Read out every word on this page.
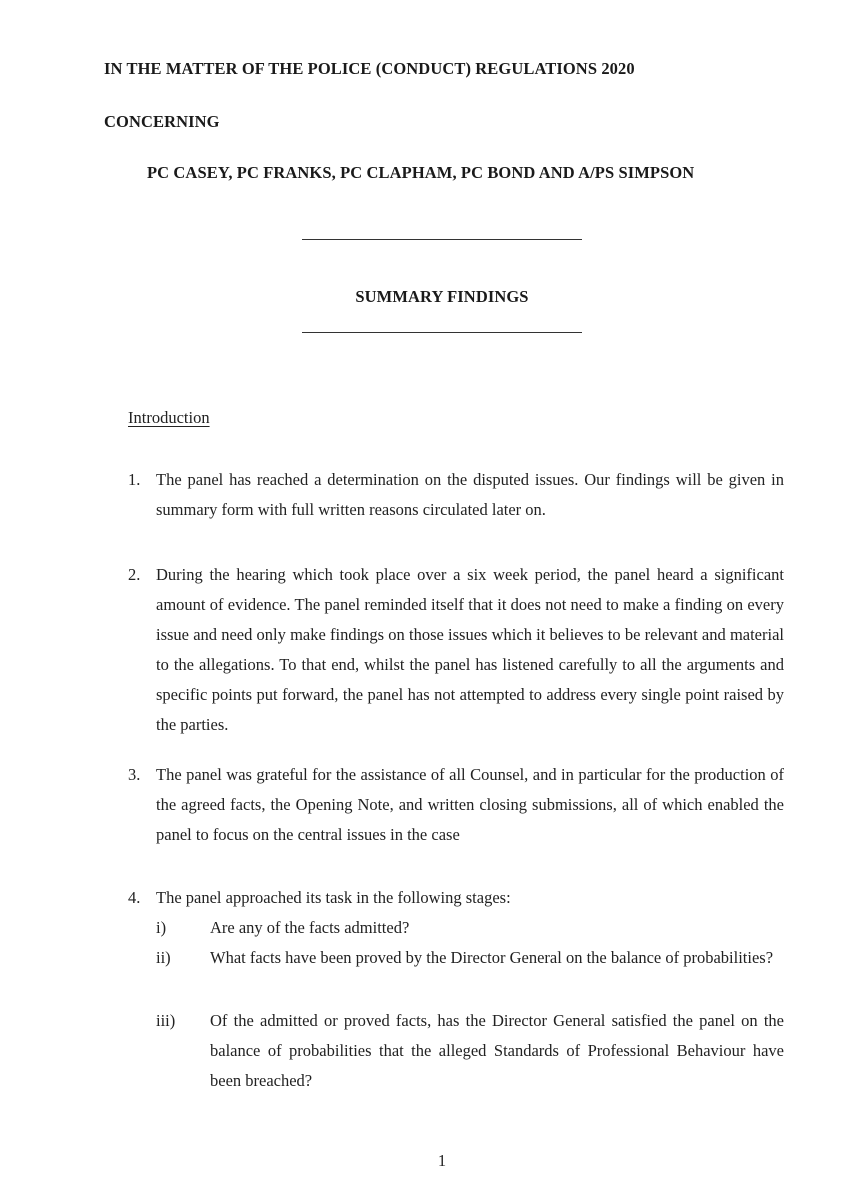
IN THE MATTER OF THE POLICE (CONDUCT) REGULATIONS 2020
CONCERNING
PC CASEY, PC FRANKS, PC CLAPHAM, PC BOND AND A/PS SIMPSON
SUMMARY FINDINGS
Introduction
1. The panel has reached a determination on the disputed issues. Our findings will be given in summary form with full written reasons circulated later on.
2. During the hearing which took place over a six week period, the panel heard a significant amount of evidence. The panel reminded itself that it does not need to make a finding on every issue and need only make findings on those issues which it believes to be relevant and material to the allegations. To that end, whilst the panel has listened carefully to all the arguments and specific points put forward, the panel has not attempted to address every single point raised by the parties.
3. The panel was grateful for the assistance of all Counsel, and in particular for the production of the agreed facts, the Opening Note, and written closing submissions, all of which enabled the panel to focus on the central issues in the case
4. The panel approached its task in the following stages:
i)	Are any of the facts admitted?
ii) What facts have been proved by the Director General on the balance of probabilities?
iii) Of the admitted or proved facts, has the Director General satisfied the panel on the balance of probabilities that the alleged Standards of Professional Behaviour have been breached?
1
